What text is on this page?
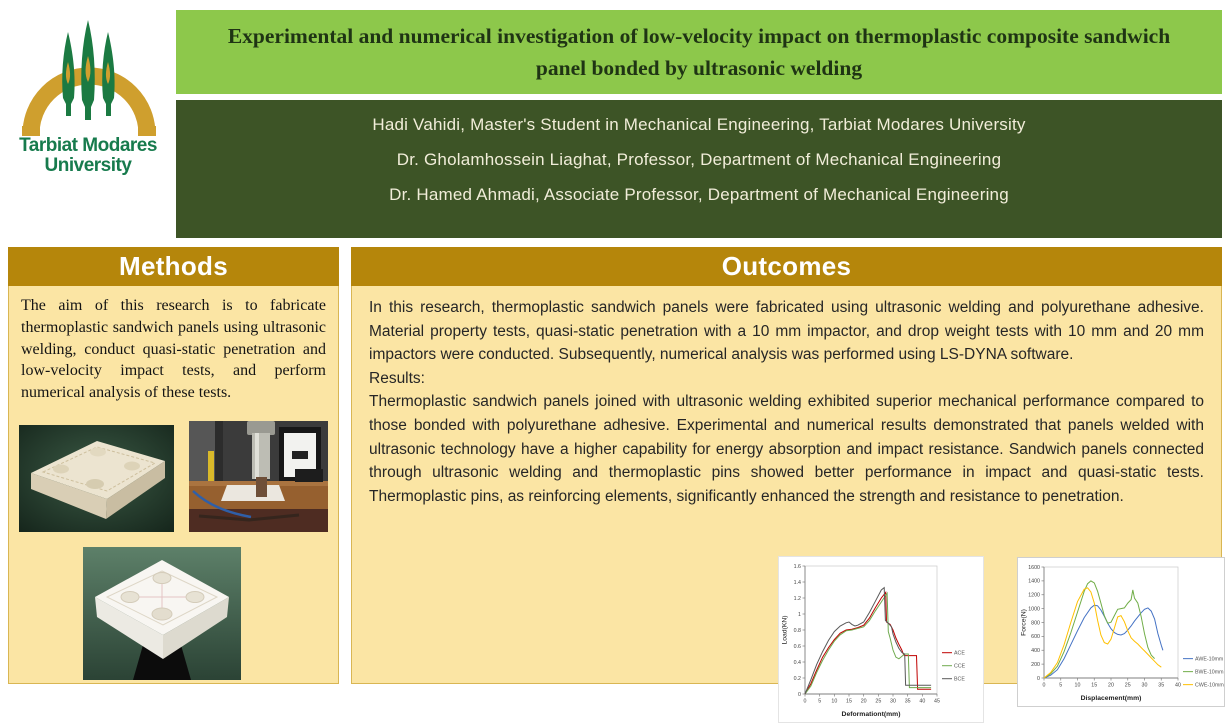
Tarbiat Modares
University
Experimental and numerical investigation of low-velocity impact on thermoplastic composite sandwich panel bonded by ultrasonic welding
Hadi Vahidi, Master's Student in Mechanical Engineering, Tarbiat Modares University
Dr. Gholamhossein Liaghat, Professor, Department of Mechanical Engineering
Dr. Hamed Ahmadi, Associate Professor, Department of Mechanical Engineering
Methods

The aim of this research is to fabricate thermoplastic sandwich panels using ultrasonic welding, conduct quasi-static penetration and low-velocity impact tests, and perform numerical analysis of these tests.

Outcomes

In this research, thermoplastic sandwich panels were fabricated using ultrasonic welding and polyurethane adhesive. Material property tests, quasi-static penetration with a 10 mm impactor, and drop weight tests with 10 mm and 20 mm impactors were conducted. Subsequently, numerical analysis was performed using LS-DYNA software.

Results:

Thermoplastic sandwich panels joined with ultrasonic welding exhibited superior mechanical performance compared to those bonded with polyurethane adhesive. Experimental and numerical results demonstrated that panels welded with ultrasonic technology have a higher capability for energy absorption and impact resistance. Sandwich panels connected through ultrasonic welding and thermoplastic pins showed better performance in impact and quasi-static tests. Thermoplastic pins, as reinforcing elements, significantly enhanced the strength and resistance to penetration.

0 5 10 15 20 25 30 35 40 45
0
0.2
0.4
0.6
0.8
1
1.2
1.4
1.6
Deformationt(mm)
Load(KN)
ACE
CCE
BCE
0	5 10 15 20 25 30 35 40
0
200
400
600
800
1000
1200
1400
1600
Displacement(mm)
Force(N)
AWE-10mm
BWE-10mm
CWE-10mm
